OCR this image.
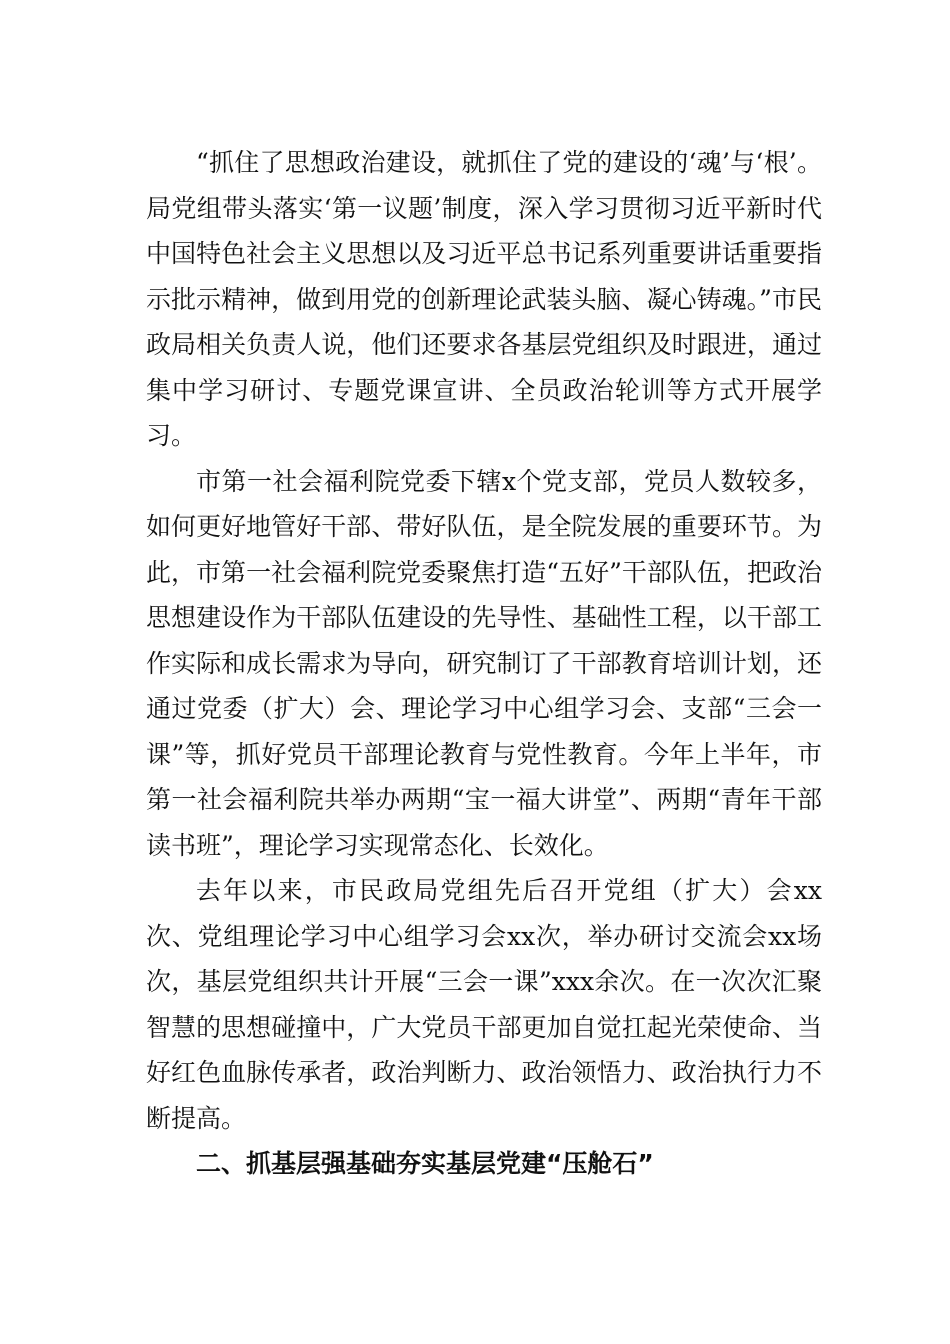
“抓住了思想政治建设，就抓住了党的建设的‘魂’与‘根’。局党组带头落实‘第一议题’制度，深入学习贯彻习近平新时代中国特色社会主义思想以及习近平总书记系列重要讲话重要指示批示精神，做到用党的创新理论武装头脑、凝心铸魂。”市民政局相关负责人说，他们还要求各基层党组织及时跟进，通过集中学习研讨、专题党课宣讲、全员政治轮训等方式开展学习。

市第一社会福利院党委下辖x个党支部，党员人数较多，如何更好地管好干部、带好队伍，是全院发展的重要环节。为此，市第一社会福利院党委聚焦打造“五好”干部队伍，把政治思想建设作为干部队伍建设的先导性、基础性工程，以干部工作实际和成长需求为导向，研究制订了干部教育培训计划，还通过党委（扩大）会、理论学习中心组学习会、支部“三会一课”等，抓好党员干部理论教育与党性教育。今年上半年，市第一社会福利院共举办两期“宝一福大讲堂”、两期“青年干部读书班”，理论学习实现常态化、长效化。

去年以来，市民政局党组先后召开党组（扩大）会xx次、党组理论学习中心组学习会xx次，举办研讨交流会xx场次，基层党组织共计开展“三会一课”xxx余次。在一次次汇聚智慧的思想碰撞中，广大党员干部更加自觉扛起光荣使命、当好红色血脉传承者，政治判断力、政治领悟力、政治执行力不断提高。

二、抓基层强基础夯实基层党建“压舱石”
